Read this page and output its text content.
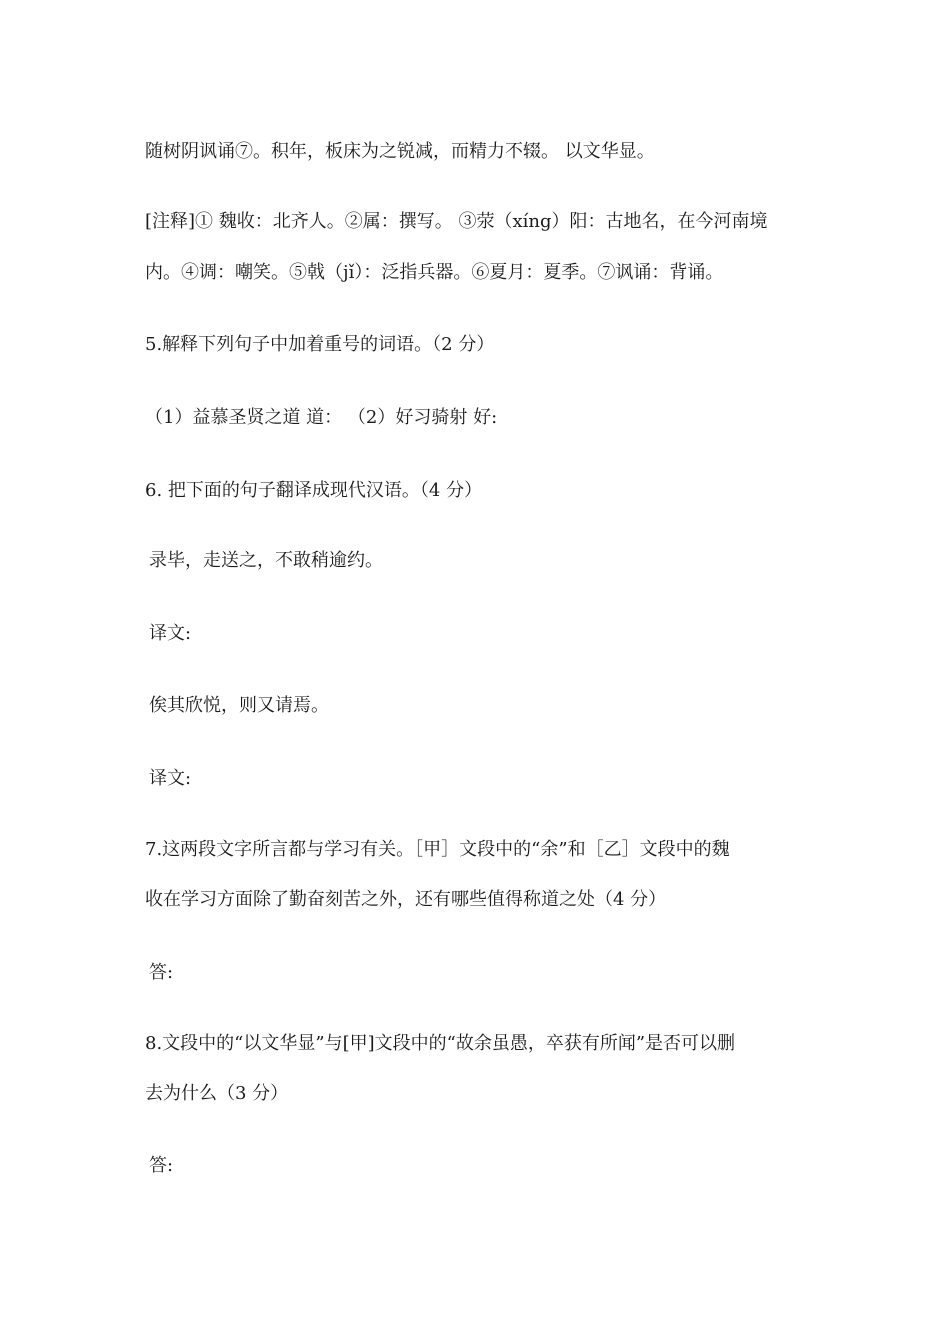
随树阴讽诵⑦。积年，板床为之锐减，而精力不辍。 以文华显。
[注释]① 魏收：北齐人。②属：撰写。 ③荥（xíng）阳：古地名，在今河南境
内。④调：嘲笑。⑤戟（jǐ）：泛指兵器。⑥夏月：夏季。⑦讽诵：背诵。
5.解释下列句子中加着重号的词语。（2 分）
（1）益慕圣贤之道 道： （2）好习骑射 好:
6. 把下面的句子翻译成现代汉语。（4 分）
录毕，走送之，不敢稍逾约。
译文:
俟其欣悦，则又请焉。
译文:
7.这两段文字所言都与学习有关。［甲］文段中的“余”和［乙］文段中的魏
收在学习方面除了勤奋刻苦之外，还有哪些值得称道之处（4 分）
答:
8.文段中的“以文华显”与[甲]文段中的“故余虽愚，卒获有所闻”是否可以删
去为什么（3 分）
答:
